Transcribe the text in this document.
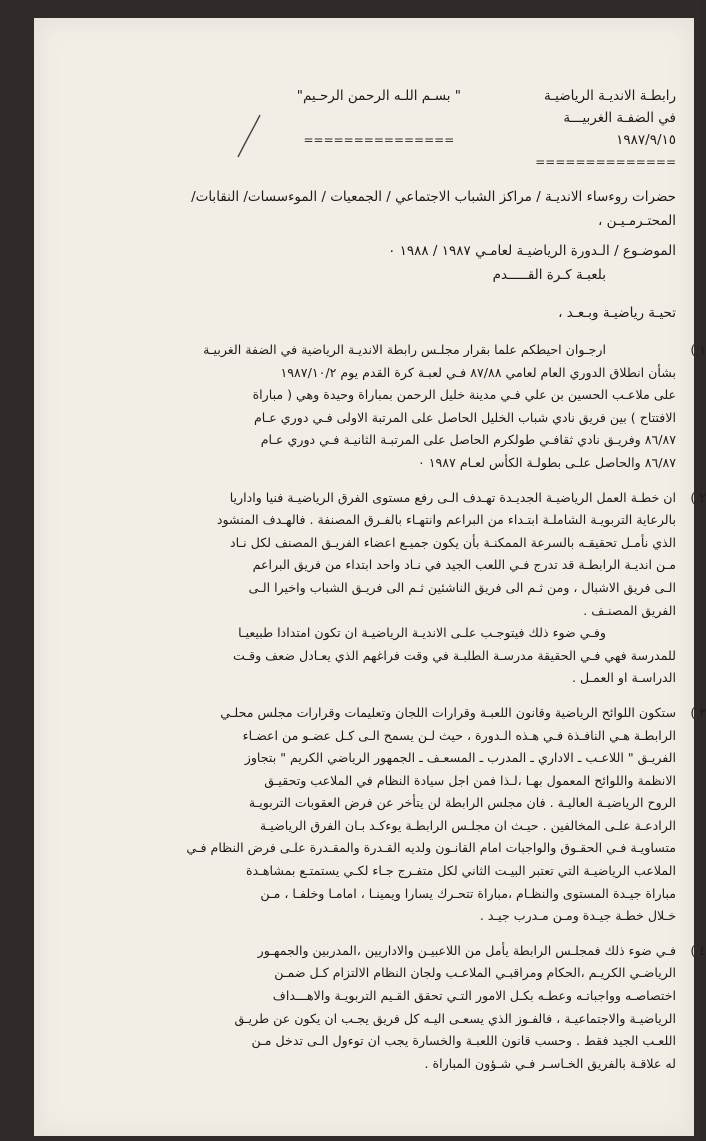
رابطـة الانديـة الرياضيـة
في الضفـة الغربيـــة
١٩٨٧/٩/١٥
==============
" بسـم اللـه الرحمن الرحـيم"
===============
حضرات روءساء الانديـة / مراكز الشباب الاجتماعي / الجمعيات / الموءسسات/ النقابات/
المحتـرمـيـن ،
الموضـوع / الـدورة الرياضيـة لعامـي ١٩٨٧ / ١٩٨٨ ٠
بلعبـة كـرة القـــــدم
تحيـة رياضيـة وبـعـد ،
١ )

ارجـوان احيطكم علما بقرار مجلـس رابطة الانديـة الرياضية في الضفة الغربيـة

بشأن انطلاق الدوري العام لعامي ٨٧/٨٨ فـي لعبـة كرة القدم يوم ١٩٨٧/١٠/٢

على ملاعـب الحسين بن علي فـي مدينة خليل الرحمن بمباراة وحيدة وهي ( مباراة

الافتتاح ) بين فريق نادي شباب الخليل الحاصل على المرتبة الاولى فـي دوري عـام

٨٦/٨٧ وفريـق نادي ثقافـي طولكرم الحاصل على المرتبـة الثانيـة فـي دوري عـام

٨٦/٨٧ والحاصل علـى بطولـة الكأس لعـام ١٩٨٧ ٠

٢ )

ان خطـة العمل الرياضيـة الجديـدة تهـدف الـى رفع مستوى الفرق الرياضيـة فنيا واداريا

بالرعاية التربويـة الشاملـة ابتـداء من البراعم وانتهـاء بالفـرق المصنفة . فالهـدف المنشود

الذي نأمـل تحقيقـه بالسرعة الممكنـة بأن يكون جميـع اعضاء الفريـق المصنف لكل نـاد

مـن انديـة الرابطـة قد تدرج فـي اللعب الجيد في نـاد واحد ابتداء من فريق البراعم

الـى فريق الاشبال ، ومن ثـم الى فريق الناشئين ثـم الى فريـق الشباب واخيرا الـى

الفريق المصنـف .

وفـي ضوء ذلك فيتوجـب علـى الانديـة الرياضيـة ان تكون امتدادا طبيعيـا

للمدرسة فهي فـي الحقيقة مدرسـة الطلبـة في وقت فراغهم الذي يعـادل ضعف وقـت

الدراسـة او العمـل .

٣ )

ستكون اللوائح الرياضية وقانون اللعبـة وقرارات اللجان وتعليمات وقرارات مجلس محلـي

الرابطـة هـي النافـذة فـي هـذه الـدورة ، حيث لـن يسمح الـى كـل عضـو من اعضـاء

الفريـق " اللاعـب ـ الاداري ـ المدرب ـ المسعـف ـ الجمهور الرياضي الكريم " بتجاوز

الانظمة واللوائح المعمول بهـا ،لـذا فمن اجل سيادة النظام في الملاعب وتحقيـق

الروح الرياضيـة العاليـة . فان مجلس الرابطة لن يتأخر عن فرض العقوبات التربويـة

الرادعـة علـى المخالفين . حيـث ان مجلـس الرابطـة يوءكـد بـان الفرق الرياضيـة

متساويـة فـي الحقـوق والواجبات امام القانـون ولديه القـدرة والمقـدرة علـى فرض النظام فـي

الملاعب الرياضيـة التي تعتبر البيـت الثاني لكل متفـرج جـاء لكـي يستمتـع بمشاهـدة

مباراة جيـدة المستوى والنظـام ،مباراة تتحـرك يسارا ويمينـا ، امامـا وخلفـا ، مـن

خـلال خطـة جيـدة ومـن مـدرب جيـد .

٤ )

فـي ضوء ذلك فمجلـس الرابطة يأمل من اللاعبيـن والاداريين ،المدربين والجمهـور

الرياضـي الكريـم ،الحكام ومراقبـي الملاعـب ولجان النظام الالتزام كـل ضمـن

اختصاصـه وواجباتـه وعطـه بكـل الامور التـي تحقق القـيم التربويـة والاهـــداف

الرياضيـة والاجتماعيـة ، فالفـوز الذي يسعـى اليـه كل فريق يجـب ان يكون عن طريـق

اللعـب الجيد فقط . وحسب قانون اللعبـة والخسارة يجب ان توءول الـى تدخل مـن

له علاقـة بالفريق الخـاسـر فـي شـؤون المباراة .
